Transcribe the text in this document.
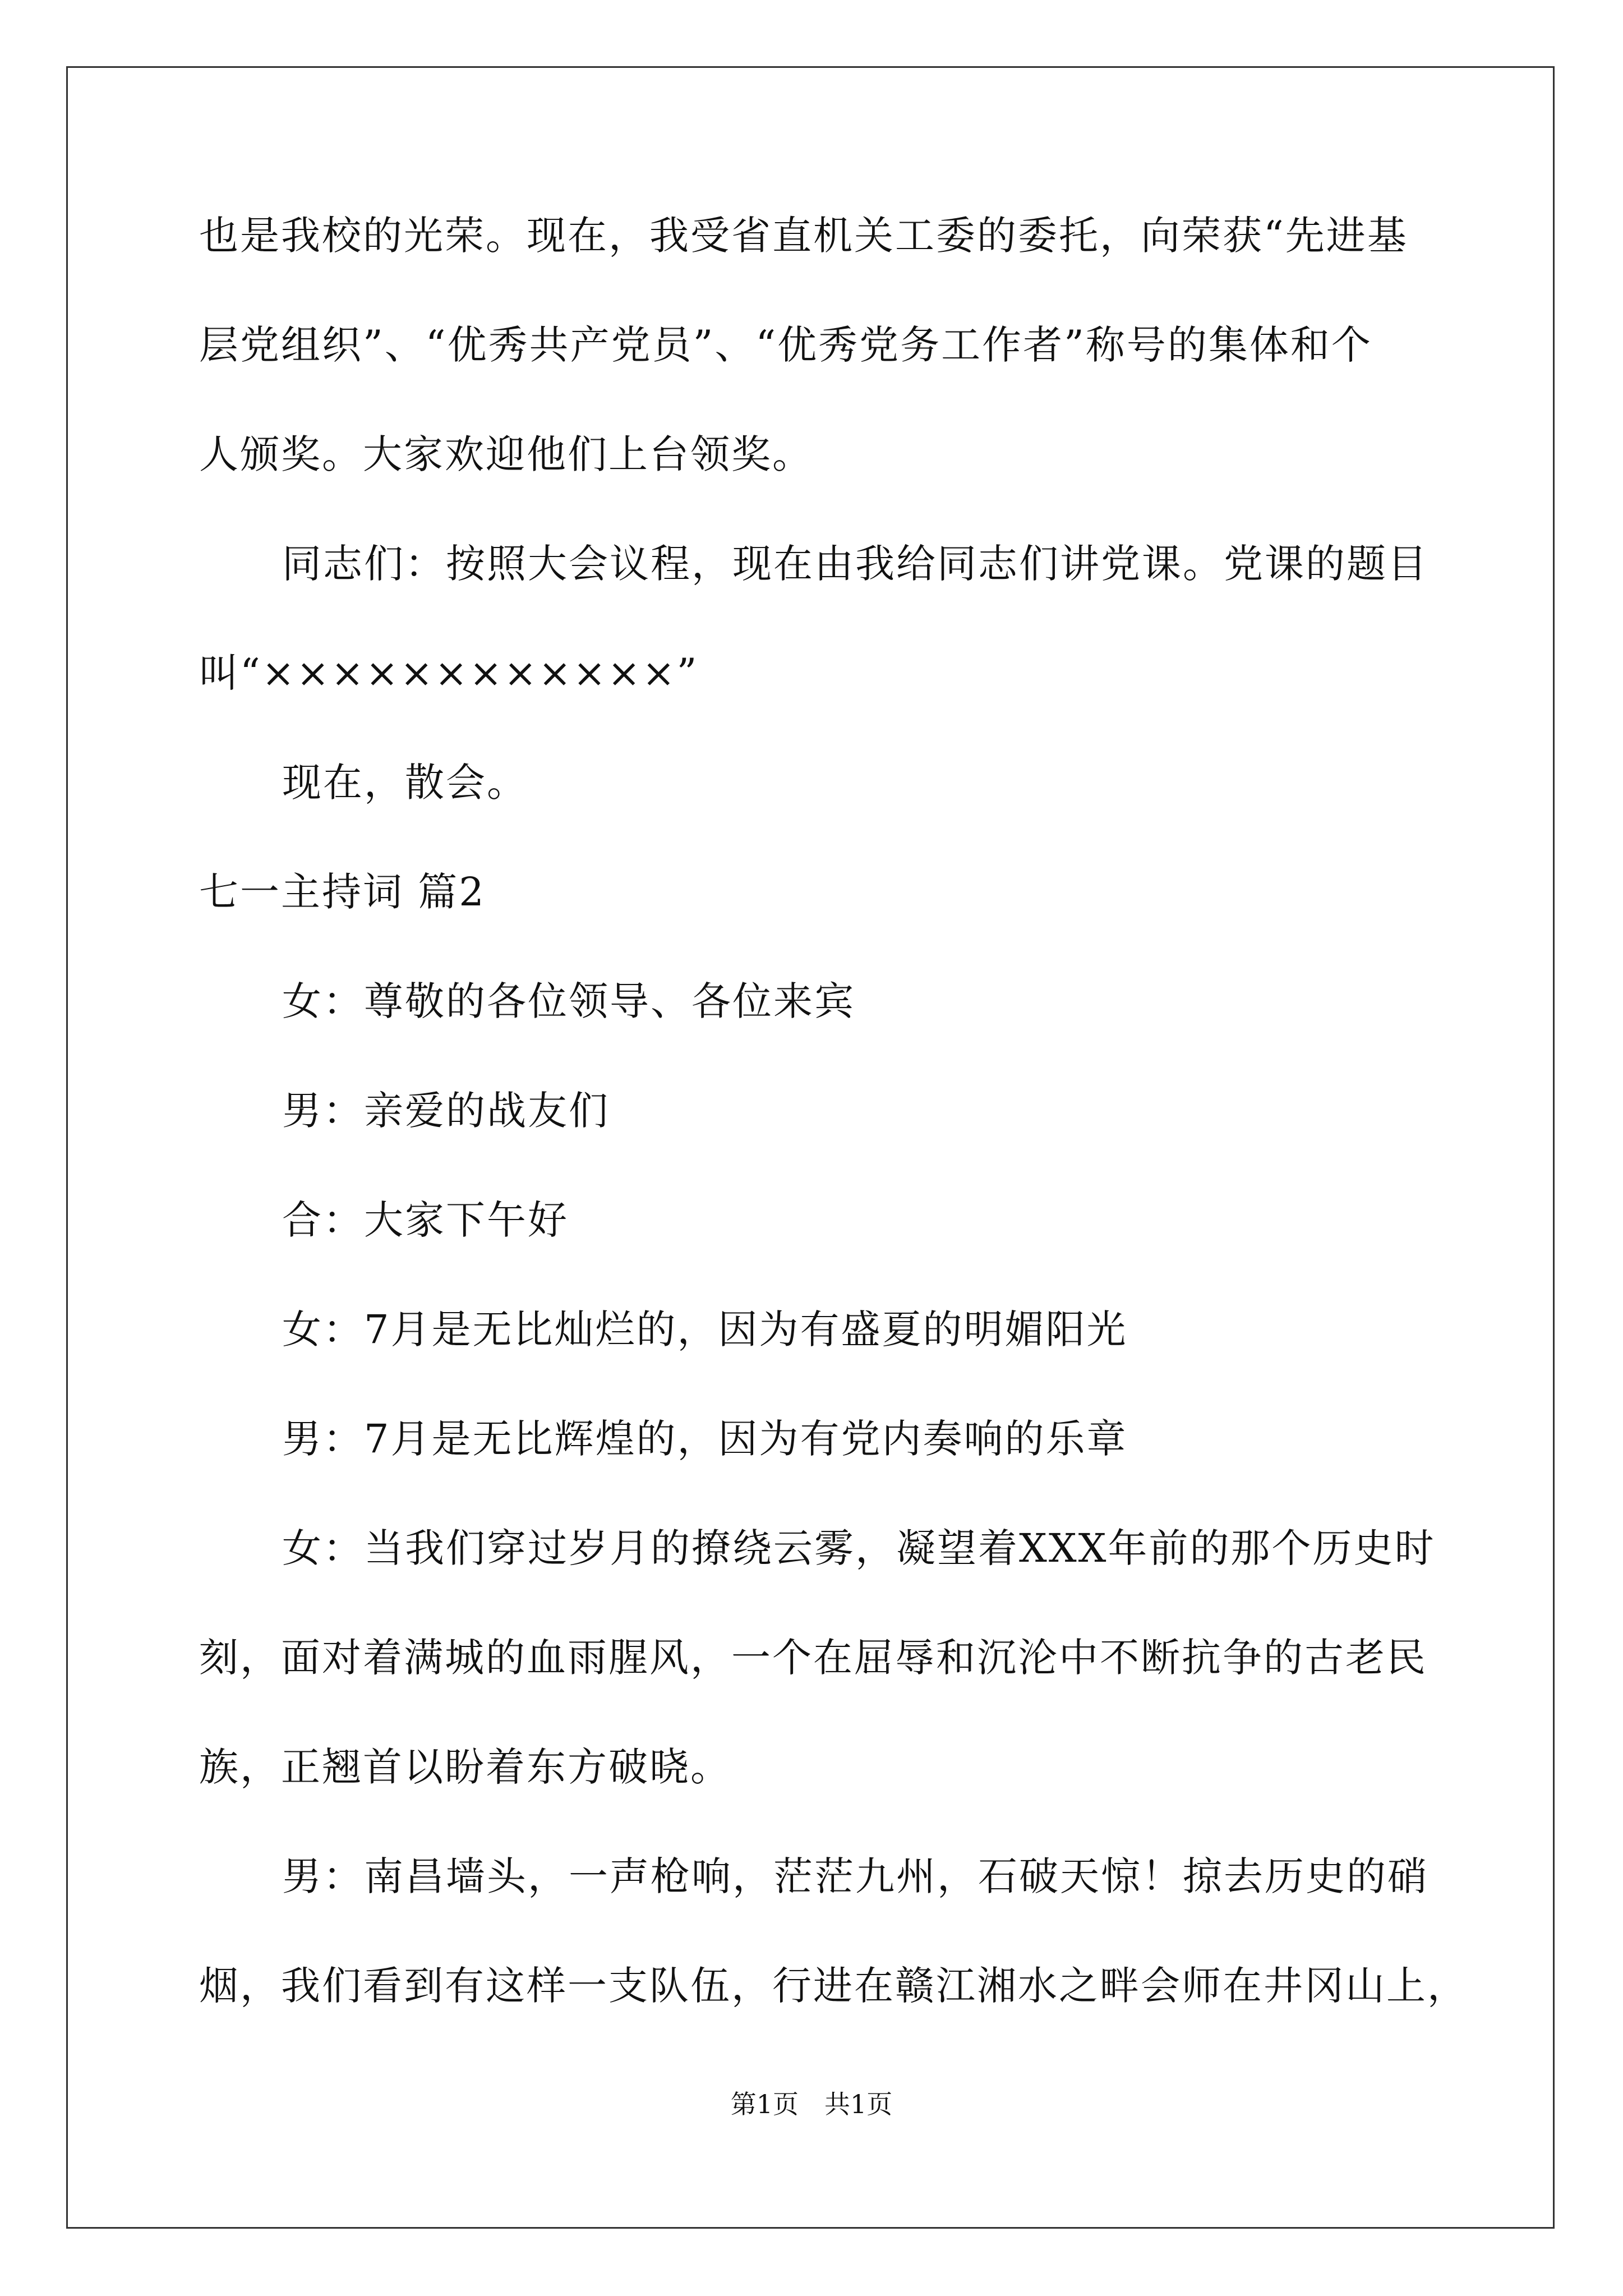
也是我校的光荣。现在，我受省直机关工委的委托，向荣获“先进基

层党组织”、“优秀共产党员”、“优秀党务工作者”称号的集体和个

人颁奖。大家欢迎他们上台领奖。

同志们：按照大会议程，现在由我给同志们讲党课。党课的题目

叫“××××××××××××”

现在，散会。

七一主持词 篇2

女：尊敬的各位领导、各位来宾

男：亲爱的战友们

合：大家下午好

女：7月是无比灿烂的，因为有盛夏的明媚阳光

男：7月是无比辉煌的，因为有党内奏响的乐章

女：当我们穿过岁月的撩绕云雾，凝望着XXX年前的那个历史时

刻，面对着满城的血雨腥风，一个在屈辱和沉沦中不断抗争的古老民

族，正翘首以盼着东方破晓。

男：南昌墙头，一声枪响，茫茫九州，石破天惊！掠去历史的硝

烟，我们看到有这样一支队伍，行进在赣江湘水之畔会师在井冈山上，

第1页　共1页
